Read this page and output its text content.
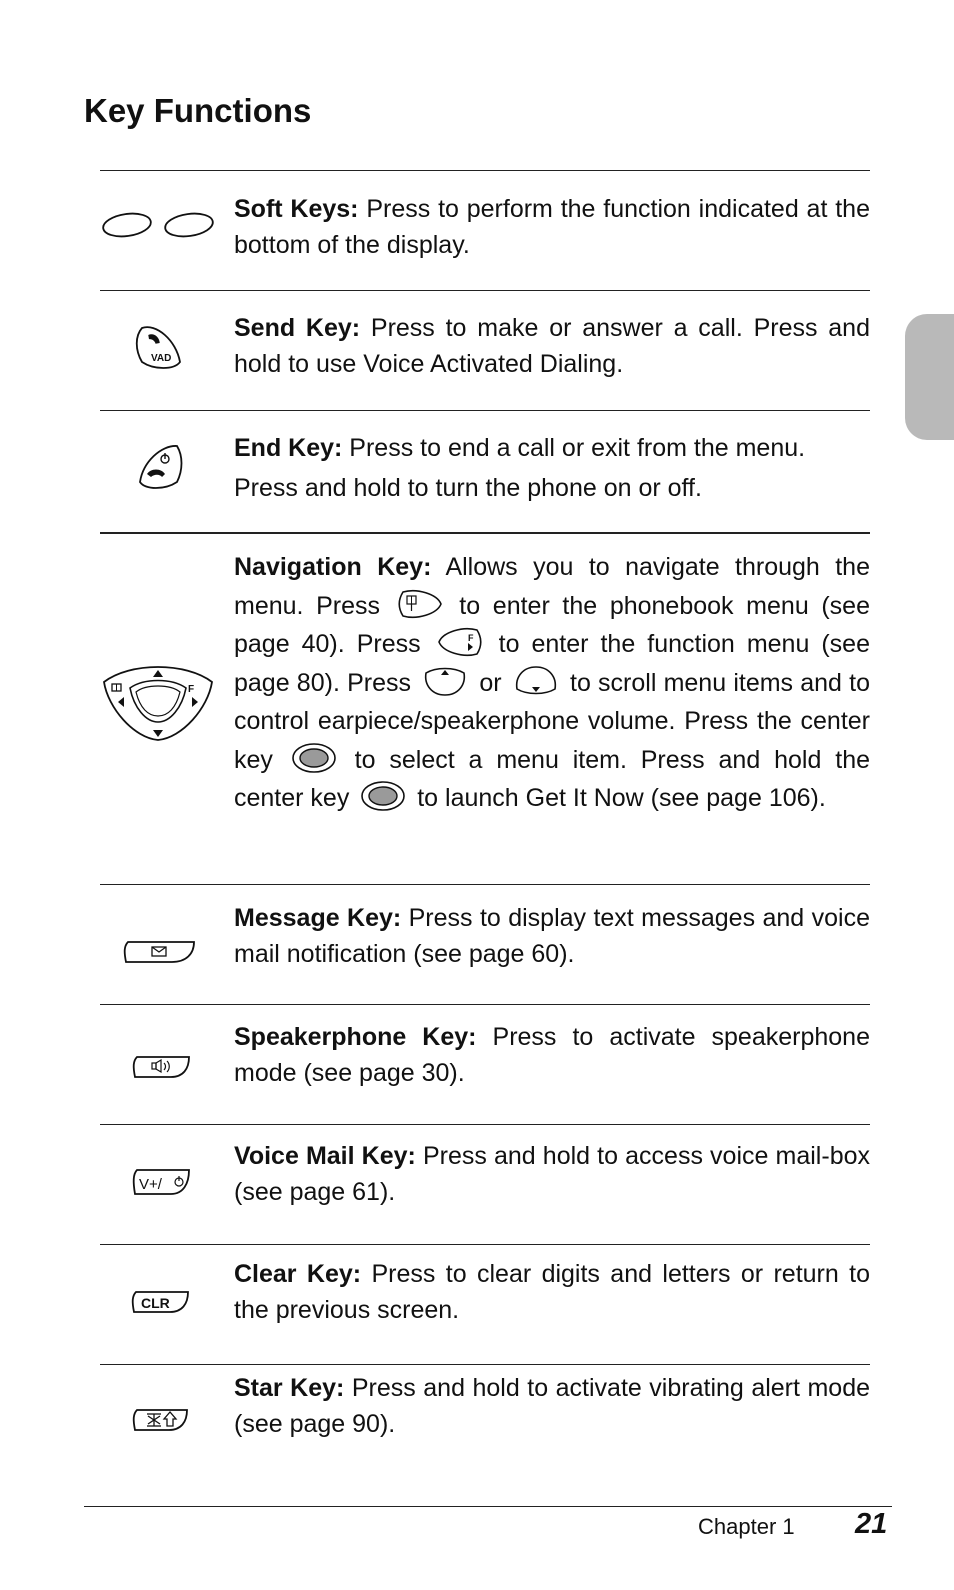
Key Functions

Soft Keys: Press to perform the function indicated at the bottom of the display.

VAD

Send Key: Press to make or answer a call. Press and hold to use Voice Activated Dialing.

End Key: Press to end a call or exit from the menu.
Press and hold to turn the phone on or off.

F

Navigation Key: Allows you to navigate through the menu. Press  to enter the phonebook menu (see page 40). Press	F to enter the function menu (see page 80). Press  or  to scroll menu items and to control earpiece/speakerphone volume. Press the center key  to select a menu item. Press and hold the center key  to launch Get It Now (see page 106).

Message Key: Press to display text messages and voice mail notification (see page 60).

Speakerphone Key: Press to activate speakerphone mode (see page 30).

V+/

Voice Mail Key: Press and hold to access voice mail-box (see page 61).

CLR

Clear Key: Press to clear digits and letters or return to the previous screen.

Star Key: Press and hold to activate vibrating alert mode (see page 90).

Chapter 1 21
